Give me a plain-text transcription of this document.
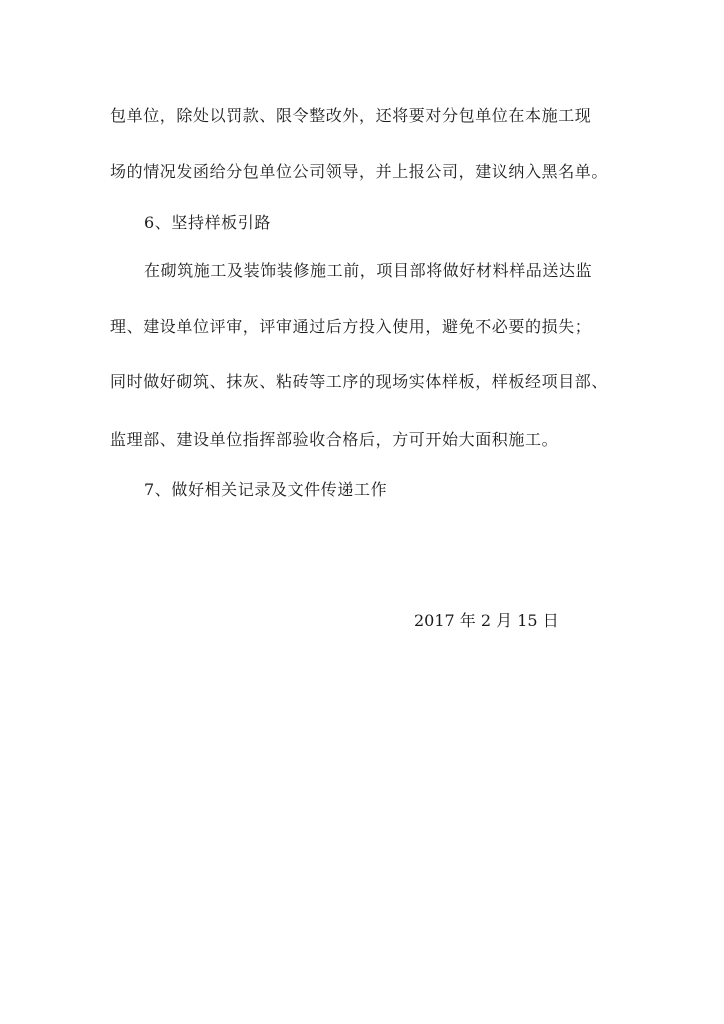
包单位，除处以罚款、限令整改外，还将要对分包单位在本施工现
场的情况发函给分包单位公司领导，并上报公司，建议纳入黑名单。
6、坚持样板引路
在砌筑施工及装饰装修施工前，项目部将做好材料样品送达监
理、建设单位评审，评审通过后方投入使用，避免不必要的损失；
同时做好砌筑、抹灰、粘砖等工序的现场实体样板，样板经项目部、
监理部、建设单位指挥部验收合格后，方可开始大面积施工。
7、做好相关记录及文件传递工作
2017 年 2 月 15 日
